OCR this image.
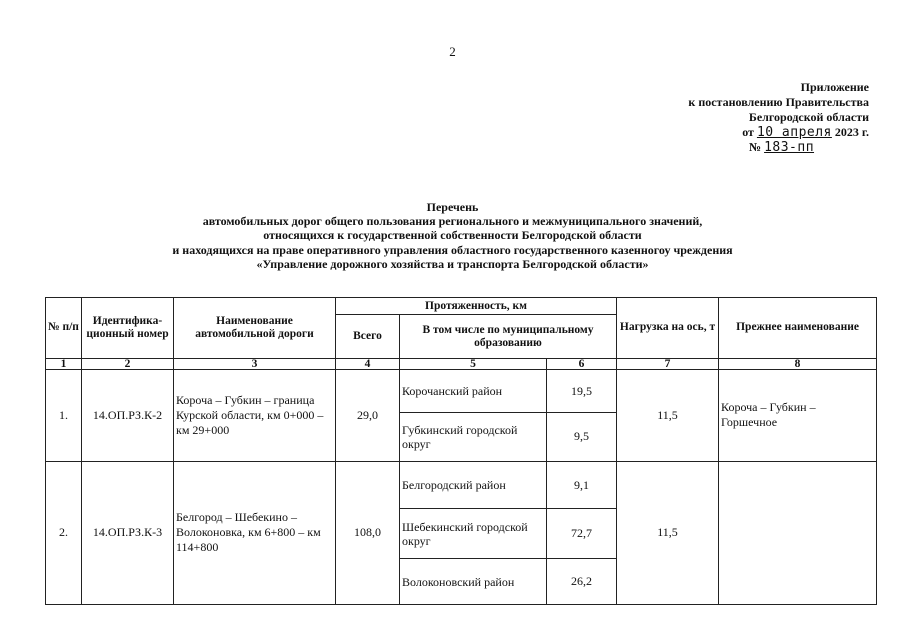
2
Приложение
к постановлению Правительства
Белгородской области
от 10 апреля 2023 г.
№ 183-пп
Перечень
автомобильных дорог общего пользования регионального и межмуниципального значений,
относящихся к государственной собственности Белгородской области
и находящихся на праве оперативного управления областного государственного казенногоу чреждения
«Управление дорожного хозяйства и транспорта Белгородской области»
№ п/п	Идентифика-ционный номер	Наименование автомобильной дороги	Протяженность, км			Нагрузка на ось, т	Прежнее наименование
			Всего	В том числе по муниципальному образованию			
1	2	3	4	5	6	7	8
1.	14.ОП.РЗ.К-2	Короча – Губкин – граница Курской области, км 0+000 – км 29+000	29,0	Корочанский район	19,5	11,5	Короча – Губкин – Горшечное
				Губкинский городской округ	9,5		
2.	14.ОП.РЗ.К-3	Белгород – Шебекино – Волоконовка, км 6+800 – км 114+800	108,0	Белгородский район	9,1	11,5	
				Шебекинский городской округ	72,7		
				Волоконовский район	26,2		
